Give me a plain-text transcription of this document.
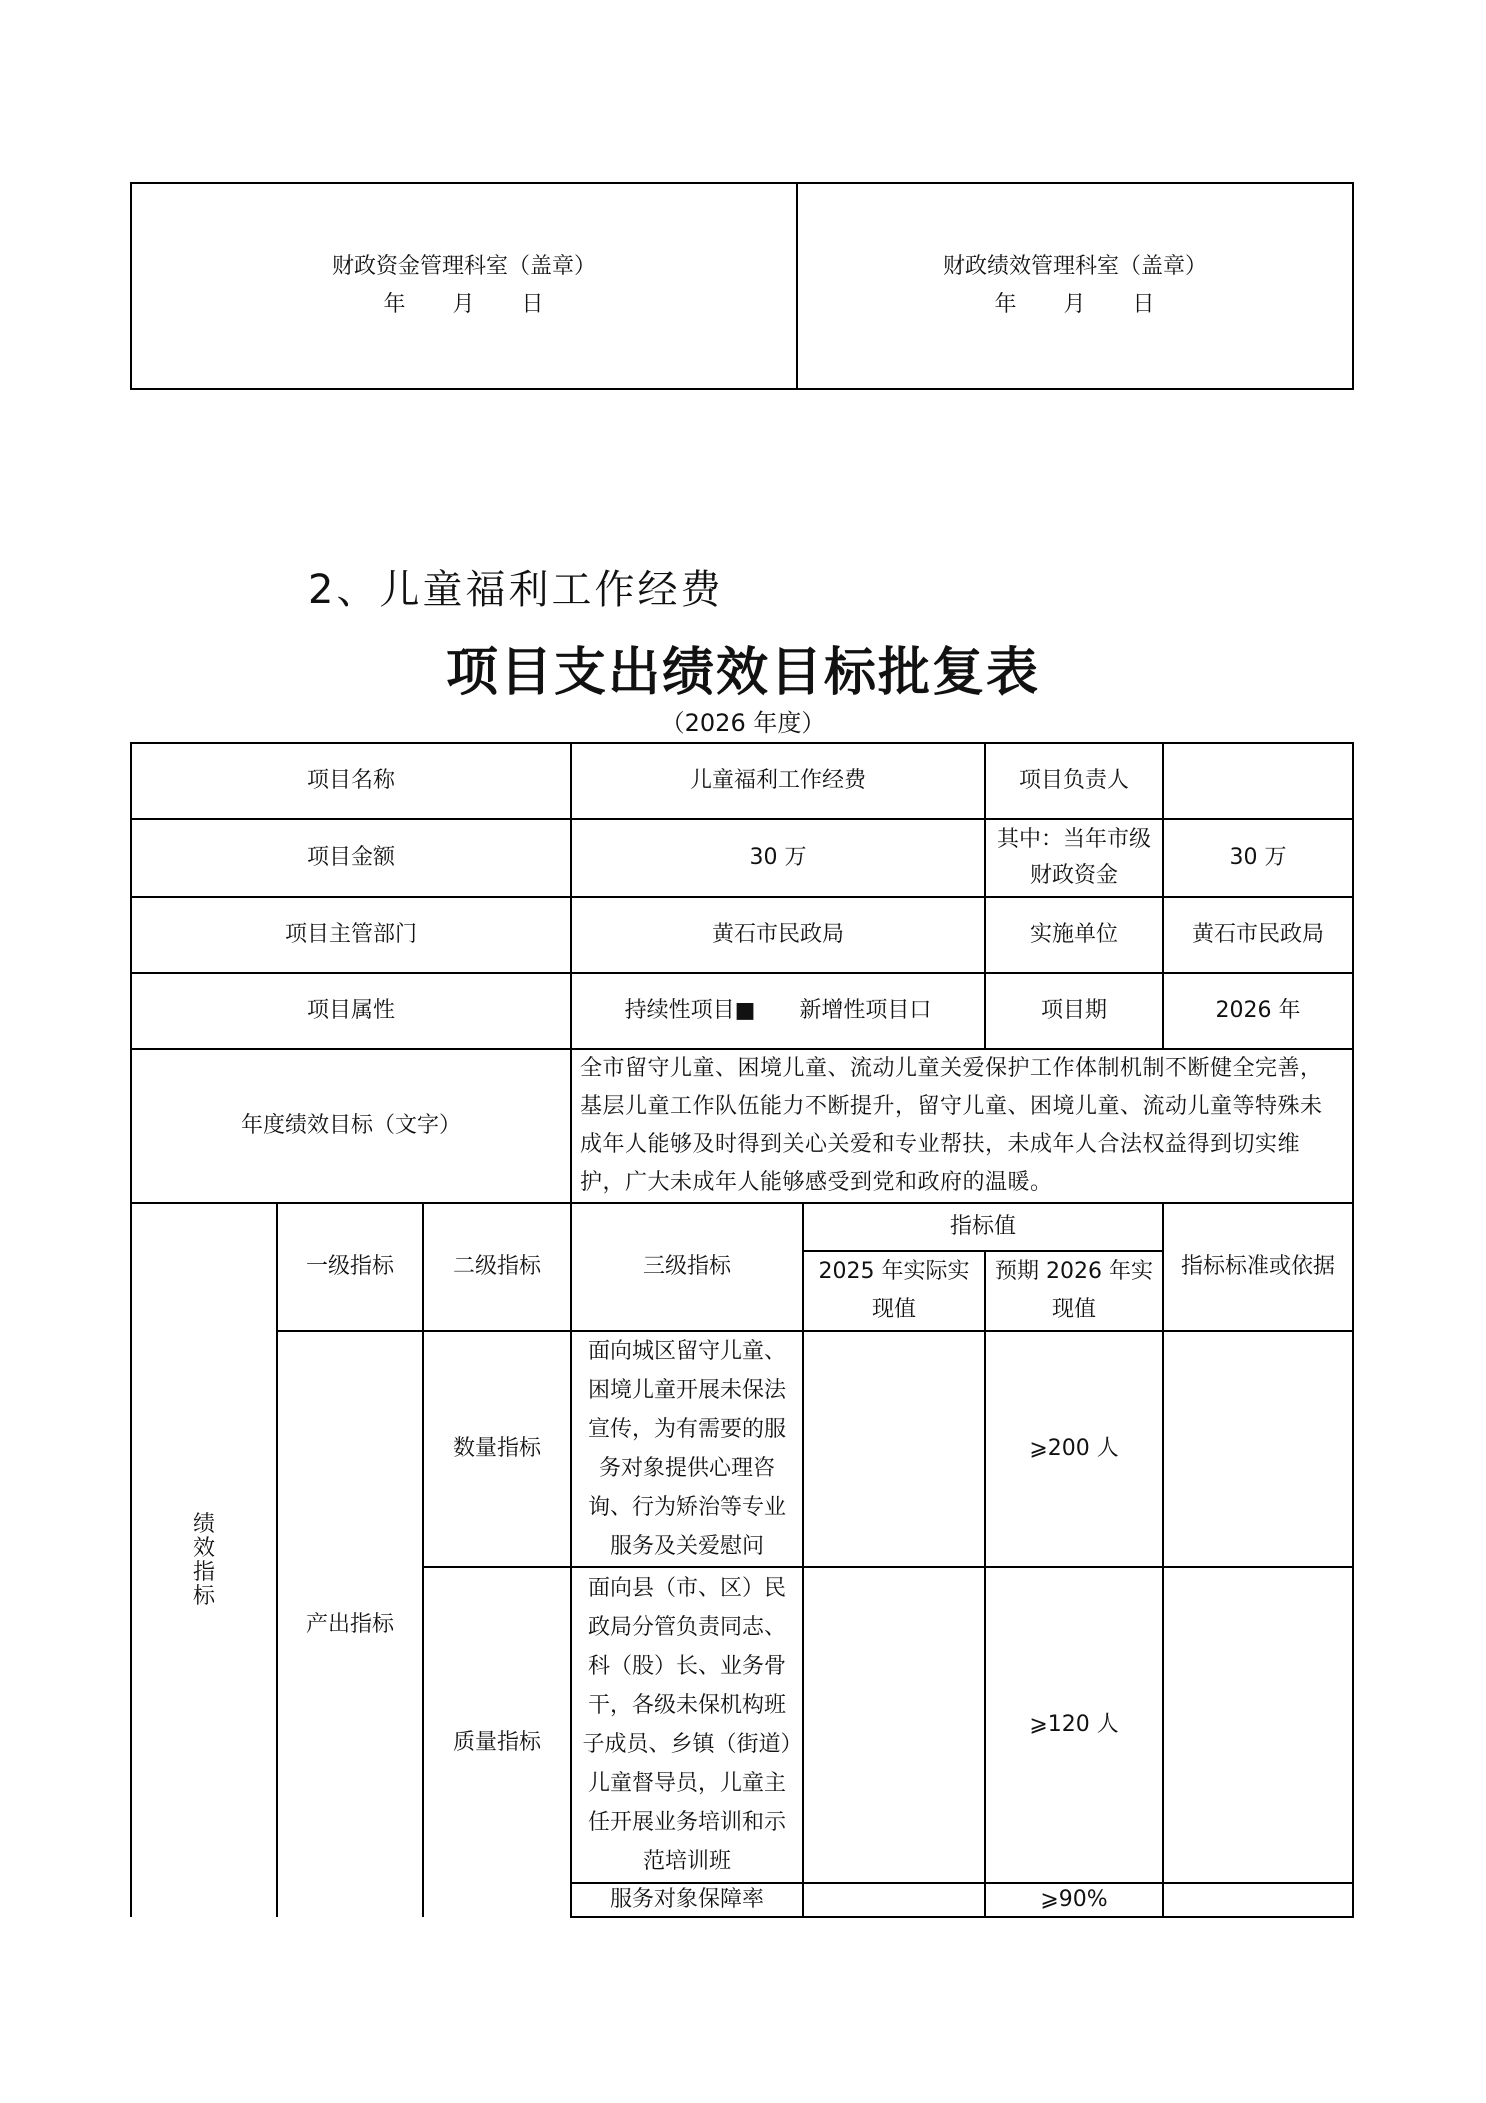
财政资金管理科室（盖章）
年　　月　　日

财政绩效管理科室（盖章）
年　　月　　日
2、儿童福利工作经费
项目支出绩效目标批复表
（2026 年度）
项目名称			儿童福利工作经费		项目负责人	
项目金额			30 万		其中：当年市级财政资金	30 万
项目主管部门			黄石市民政局		实施单位	黄石市民政局
项目属性			持续性项目■　　新增性项目口		项目期	2026 年
年度绩效目标（文字）			全市留守儿童、困境儿童、流动儿童关爱保护工作体制机制不断健全完善，基层儿童工作队伍能力不断提升，留守儿童、困境儿童、流动儿童等特殊未成年人能够及时得到关心关爱和专业帮扶，未成年人合法权益得到切实维护，广大未成年人能够感受到党和政府的温暖。			

绩
效
指
标	一级指标	二级指标	三级指标	指标值		指标标准或依据
				2025 年实际实现值	预期 2026 年实现值	
	产出指标	数量指标	面向城区留守儿童、困境儿童开展未保法宣传，为有需要的服务对象提供心理咨询、行为矫治等专业服务及关爱慰问		⩾200 人	
		质量指标	面向县（市、区）民政局分管负责同志、科（股）长、业务骨干，各级未保机构班子成员、乡镇（街道）儿童督导员，儿童主任开展业务培训和示范培训班		⩾120 人	
			服务对象保障率		⩾90%	
